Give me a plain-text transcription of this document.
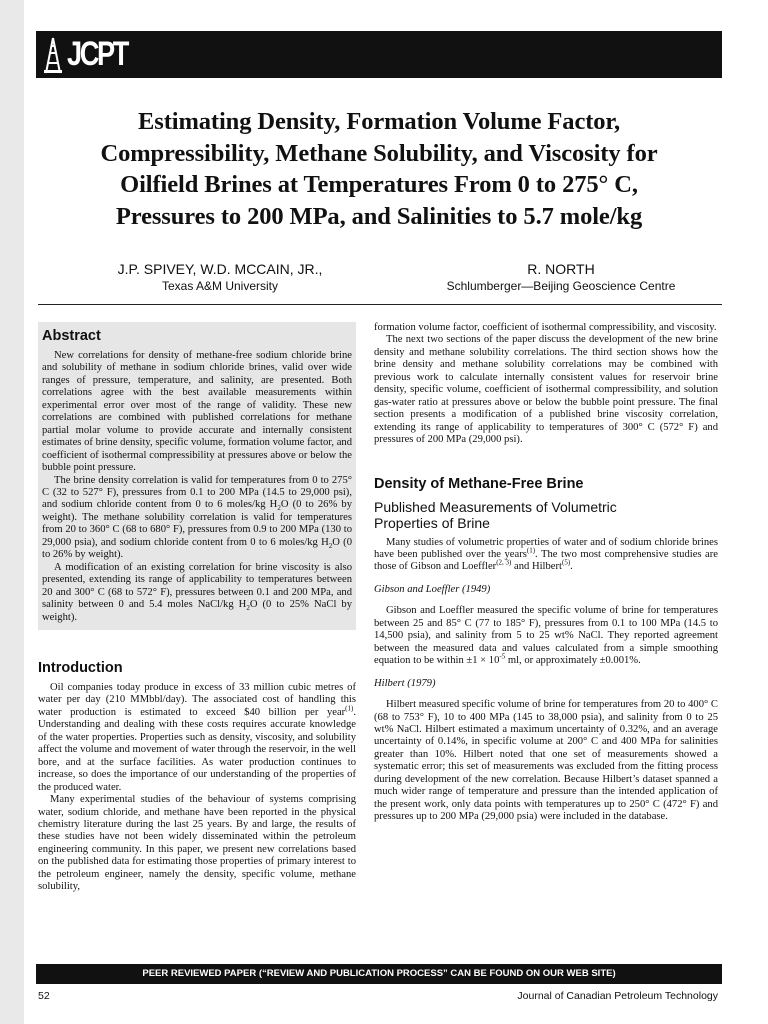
JCPT
Estimating Density, Formation Volume Factor,
Compressibility, Methane Solubility, and Viscosity for
Oilfield Brines at Temperatures From 0 to 275° C,
Pressures to 200 MPa, and Salinities to 5.7 mole/kg
J.P. SPIVEY, W.D. MCCAIN, JR.,
Texas A&M University
R. NORTH
Schlumberger—Beijing Geoscience Centre
Abstract

New correlations for density of methane-free sodium chloride brine and solubility of methane in sodium chloride brines, valid over wide ranges of pressure, temperature, and salinity, are presented. Both correlations agree with the best available measurements within experimental error over most of the range of validity. These new correlations are combined with published correlations for methane partial molar volume to provide accurate and internally consistent estimates of brine density, specific volume, formation volume factor, and coefficient of isothermal compressibility at pressures above or below the bubble point pressure.

The brine density correlation is valid for temperatures from 0 to 275° C (32 to 527° F), pressures from 0.1 to 200 MPa (14.5 to 29,000 psi), and sodium chloride content from 0 to 6 moles/kg $H_2O$ (0 to 26% by weight). The methane solubility correlation is valid for temperatures from 20 to 360° C (68 to 680° F), pressures from 0.9 to 200 MPa (130 to 29,000 psia), and sodium chloride content from 0 to 6 moles/kg $H_2O$ (0 to 26% by weight).

A modification of an existing correlation for brine viscosity is also presented, extending its range of applicability to temperatures between 20 and 300° C (68 to 572° F), pressures between 0.1 and 200 MPa, and salinity between 0 and 5.4 moles NaCl/kg $H_2O$ (0 to 25% NaCl by weight).

Introduction

Oil companies today produce in excess of 33 million cubic metres of water per day (210 MMbbl/day). The associated cost of handling this water production is estimated to exceed $40 billion per year$^{(1)}$. Understanding and dealing with these costs requires accurate knowledge of the water properties. Properties such as density, viscosity, and solubility affect the volume and movement of water through the reservoir, in the well bore, and at the surface facilities. As water production continues to increase, so does the importance of our understanding of the properties of the produced water.

Many experimental studies of the behaviour of systems comprising water, sodium chloride, and methane have been reported in the physical chemistry literature during the last 25 years. By and large, the results of these studies have not been widely disseminated within the petroleum engineering community. In this paper, we present new correlations based on the published data for estimating those properties of primary interest to the petroleum engineer, namely the density, specific volume, methane solubility,

formation volume factor, coefficient of isothermal compressibility, and viscosity.

The next two sections of the paper discuss the development of the new brine density and methane solubility correlations. The third section shows how the brine density and methane solubility correlations may be combined with previous work to calculate internally consistent values for reservoir brine density, specific volume, coefficient of isothermal compressibility, and solution gas-water ratio at pressures above or below the bubble point pressure. The final section presents a modification of a published brine viscosity correlation, extending its range of applicability to temperatures of 300° C (572° F) and pressures of 200 MPa (29,000 psi).

Density of Methane-Free Brine
Published Measurements of Volumetric
Properties of Brine

Many studies of volumetric properties of water and of sodium chloride brines have been published over the years$^{(1)}$. The two most comprehensive studies are those of Gibson and Loeffler$^{(2, 3)}$ and Hilbert$^{(5)}$.

Gibson and Loeffler (1949)

Gibson and Loeffler measured the specific volume of brine for temperatures between 25 and 85° C (77 to 185° F), pressures from 0.1 to 100 MPa (14.5 to 14,500 psia), and salinity from 5 to 25 wt% NaCl. They reported agreement between the measured data and values calculated from a simple smoothing equation to be within $\pm 1 \times 10^{-5}$ ml, or approximately ±0.001%.

Hilbert (1979)

Hilbert measured specific volume of brine for temperatures from 20 to 400° C (68 to 753° F), 10 to 400 MPa (145 to 38,000 psia), and salinity from 0 to 25 wt% NaCl. Hilbert estimated a maximum uncertainty of 0.32%, and an average uncertainty of 0.14%, in specific volume at 200° C and 400 MPa for salinities greater than 10%. Hilbert noted that one set of measurements showed a systematic error; this set of measurements was excluded from the fitting process during development of the new correlation. Because Hilbert’s dataset spanned a much wider range of temperature and pressure than the intended application of the present work, only data points with temperatures up to 250° C (472° F) and pressures up to 200 MPa (29,000 psia) were included in the database.

PEER REVIEWED PAPER (“REVIEW AND PUBLICATION PROCESS” CAN BE FOUND ON OUR WEB SITE)
52	Journal of Canadian Petroleum Technology
